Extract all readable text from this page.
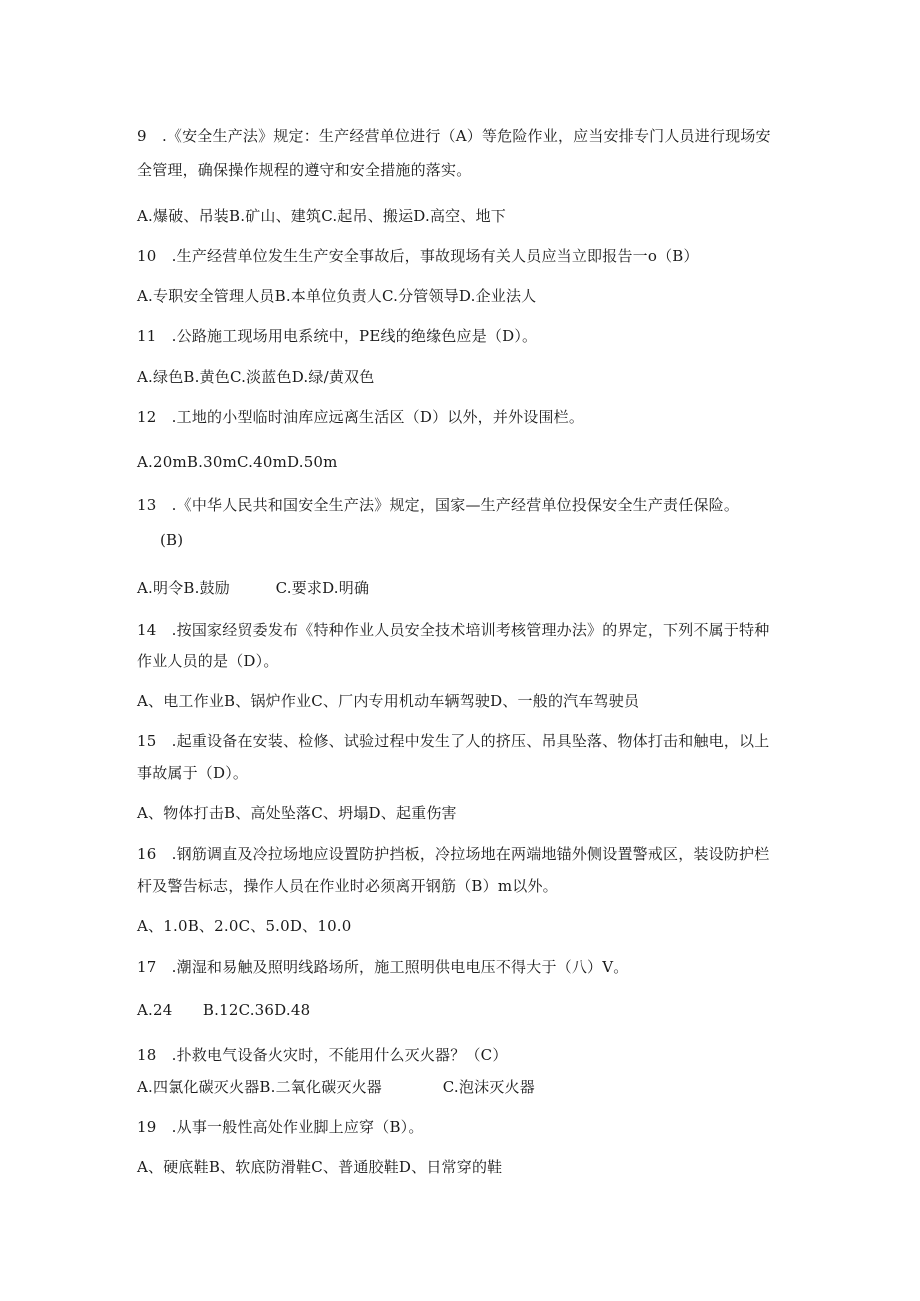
9　.《安全生产法》规定：生产经营单位进行（A）等危险作业，应当安排专门人员进行现场安
全管理，确保操作规程的遵守和安全措施的落实。
A.爆破、吊装B.矿山、建筑C.起吊、搬运D.高空、地下
10　.生产经营单位发生生产安全事故后，事故现场有关人员应当立即报告一o（B）
A.专职安全管理人员B.本单位负责人C.分管领导D.企业法人
11　.公路施工现场用电系统中，PE线的绝缘色应是（D）。
A.绿色B.黄色C.淡蓝色D.绿/黄双色
12　.工地的小型临时油库应远离生活区（D）以外，并外设围栏。
A.20mB.30mC.40mD.50m
13　.《中华人民共和国安全生产法》规定，国家—生产经营单位投保安全生产责任保险。
(B)
A.明令B.鼓励　　　C.要求D.明确
14　.按国家经贸委发布《特种作业人员安全技术培训考核管理办法》的界定，下列不属于特种
作业人员的是（D）。
A、电工作业B、锅炉作业C、厂内专用机动车辆驾驶D、一般的汽车驾驶员
15　.起重设备在安装、检修、试验过程中发生了人的挤压、吊具坠落、物体打击和触电，以上
事故属于（D）。
A、物体打击B、高处坠落C、坍塌D、起重伤害
16　.钢筋调直及冷拉场地应设置防护挡板，冷拉场地在两端地锚外侧设置警戒区，装设防护栏
杆及警告标志，操作人员在作业时必须离开钢筋（B）m以外。
A、1.0B、2.0C、5.0D、10.0
17　.潮湿和易触及照明线路场所，施工照明供电电压不得大于（八）V。
A.24　　B.12C.36D.48
18　.扑救电气设备火灾时，不能用什么灭火器？（C）
A.四氯化碳灭火器B.二氧化碳灭火器　　　　C.泡沫灭火器
19　.从事一般性高处作业脚上应穿（B）。
A、硬底鞋B、软底防滑鞋C、普通胶鞋D、日常穿的鞋
